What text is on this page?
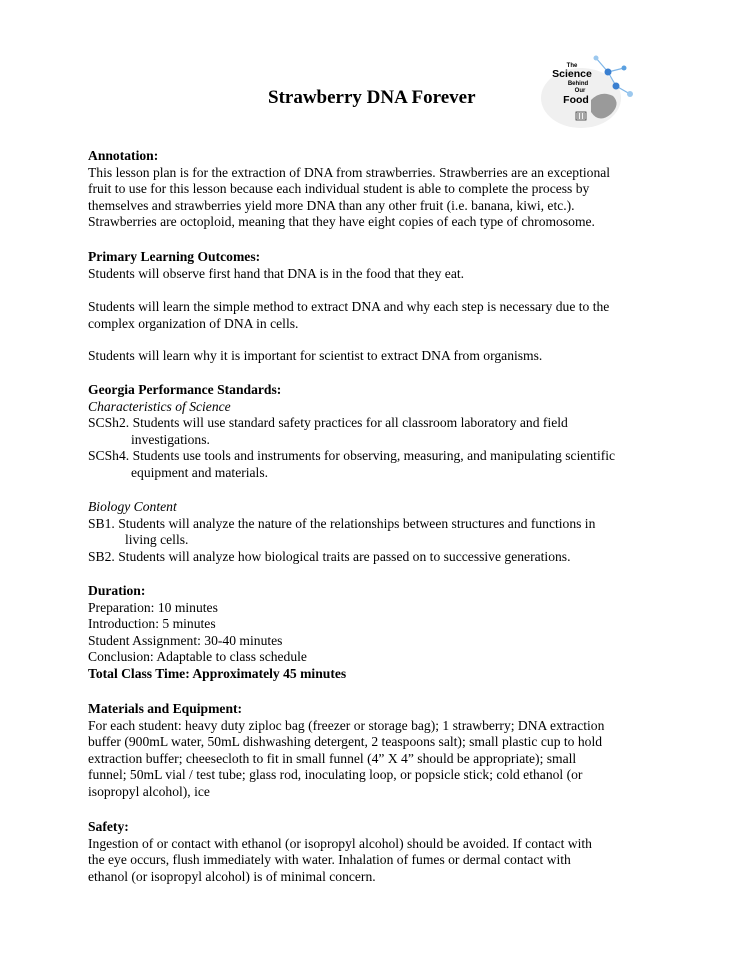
Strawberry DNA Forever
The
Science
Behind
Our
Food

Annotation:

This lesson plan is for the extraction of DNA from strawberries. Strawberries are an exceptional

fruit to use for this lesson because each individual student is able to complete the process by

themselves and strawberries yield more DNA than any other fruit (i.e. banana, kiwi, etc.).

Strawberries are octoploid, meaning that they have eight copies of each type of chromosome.

Primary Learning Outcomes:

Students will observe first hand that DNA is in the food that they eat.

Students will learn the simple method to extract DNA and why each step is necessary due to the

complex organization of DNA in cells.

Students will learn why it is important for scientist to extract DNA from organisms.

Georgia Performance Standards:

Characteristics of Science

SCSh2. Students will use standard safety practices for all classroom laboratory and field

investigations.

SCSh4. Students use tools and instruments for observing, measuring, and manipulating scientific

equipment and materials.

Biology Content

SB1. Students will analyze the nature of the relationships between structures and functions in

living cells.

SB2. Students will analyze how biological traits are passed on to successive generations.

Duration:

Preparation: 10 minutes

Introduction: 5 minutes

Student Assignment: 30-40 minutes

Conclusion: Adaptable to class schedule

Total Class Time: Approximately 45 minutes

Materials and Equipment:

For each student: heavy duty ziploc bag (freezer or storage bag); 1 strawberry; DNA extraction

buffer (900mL water, 50mL dishwashing detergent, 2 teaspoons salt); small plastic cup to hold

extraction buffer; cheesecloth to fit in small funnel (4” X 4” should be appropriate); small

funnel; 50mL vial / test tube; glass rod, inoculating loop, or popsicle stick; cold ethanol (or

isopropyl alcohol), ice

Safety:

Ingestion of or contact with ethanol (or isopropyl alcohol) should be avoided. If contact with

the eye occurs, flush immediately with water. Inhalation of fumes or dermal contact with

ethanol (or isopropyl alcohol) is of minimal concern.
